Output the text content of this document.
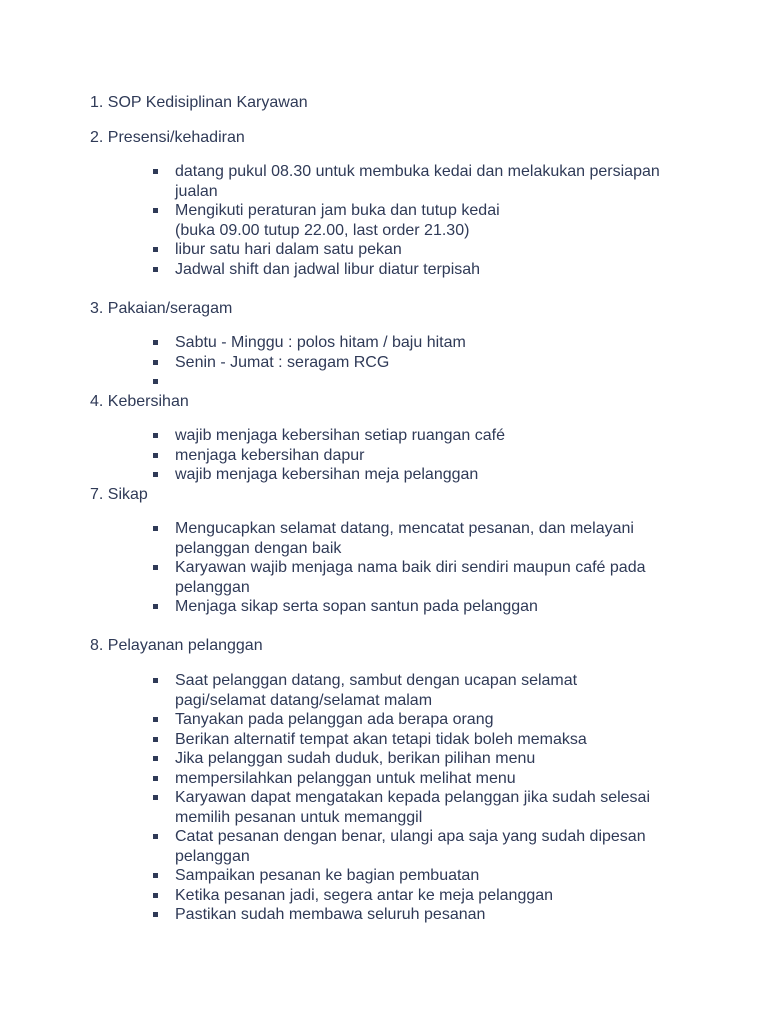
1. SOP Kedisiplinan Karyawan

2. Presensi/kehadiran

datang pukul 08.30 untuk membuka kedai dan melakukan persiapan
jualan
Mengikuti peraturan jam buka dan tutup kedai
(buka 09.00 tutup 22.00, last order 21.30)
libur satu hari dalam satu pekan
Jadwal shift dan jadwal libur diatur terpisah

3. Pakaian/seragam

Sabtu - Minggu : polos hitam / baju hitam
Senin - Jumat : seragam RCG

4. Kebersihan

wajib menjaga kebersihan setiap ruangan café
menjaga kebersihan dapur
wajib menjaga kebersihan meja pelanggan

7. Sikap

Mengucapkan selamat datang, mencatat pesanan, dan melayani
pelanggan dengan baik
Karyawan wajib menjaga nama baik diri sendiri maupun café pada
pelanggan
Menjaga sikap serta sopan santun pada pelanggan

8. Pelayanan pelanggan

Saat pelanggan datang, sambut dengan ucapan selamat
pagi/selamat datang/selamat malam
Tanyakan pada pelanggan ada berapa orang
Berikan alternatif tempat akan tetapi tidak boleh memaksa
Jika pelanggan sudah duduk, berikan pilihan menu
mempersilahkan pelanggan untuk melihat menu
Karyawan dapat mengatakan kepada pelanggan jika sudah selesai
memilih pesanan untuk memanggil
Catat pesanan dengan benar, ulangi apa saja yang sudah dipesan
pelanggan
Sampaikan pesanan ke bagian pembuatan
Ketika pesanan jadi, segera antar ke meja pelanggan
Pastikan sudah membawa seluruh pesanan
